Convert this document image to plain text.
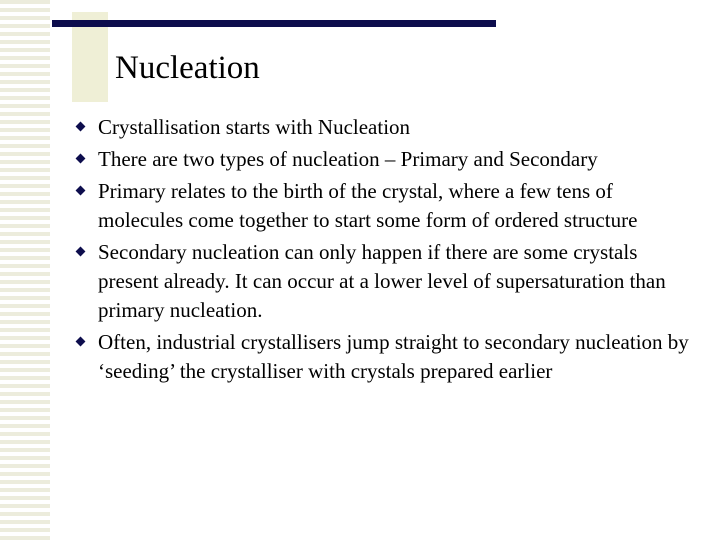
Nucleation
Crystallisation starts with Nucleation
There are two types of nucleation – Primary and Secondary
Primary relates to the birth of the crystal, where a few tens of molecules come together to start some form of ordered structure
Secondary nucleation can only happen if there are some crystals present already. It can occur at a lower level of supersaturation than primary nucleation.
Often, industrial crystallisers jump straight to secondary nucleation by ‘seeding’ the crystalliser with crystals prepared earlier
